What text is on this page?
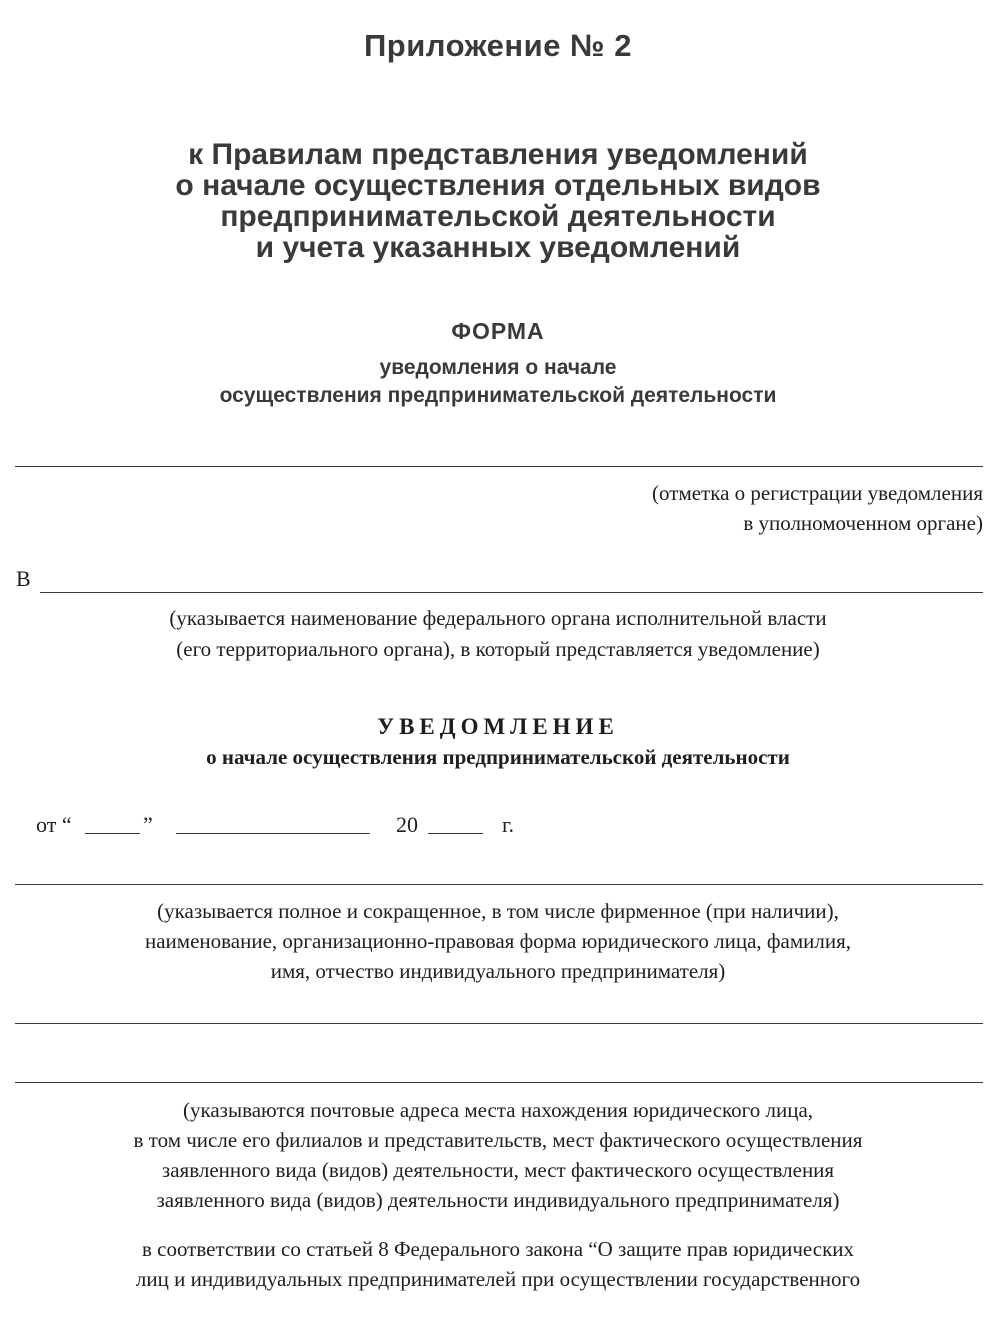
Приложение № 2
к Правилам представления уведомлений
о начале осуществления отдельных видов
предпринимательской деятельности
и учета указанных уведомлений
ФОРМА
уведомления о начале
осуществления предпринимательской деятельности
(отметка о регистрации уведомления
в уполномоченном органе)
В
(указывается наименование федерального органа исполнительной власти
(его территориального органа), в который представляется уведомление)
УВЕДОМЛЕНИЕ
о начале осуществления предпринимательской деятельности
от “	”	20	г.
(указывается полное и сокращенное, в том числе фирменное (при наличии),
наименование, организационно-правовая форма юридического лица, фамилия,
имя, отчество индивидуального предпринимателя)
(указываются почтовые адреса места нахождения юридического лица,
в том числе его филиалов и представительств, мест фактического осуществления
заявленного вида (видов) деятельности, мест фактического осуществления
заявленного вида (видов) деятельности индивидуального предпринимателя)
в соответствии со статьей 8 Федерального закона “О защите прав юридических
лиц и индивидуальных предпринимателей при осуществлении государственного
